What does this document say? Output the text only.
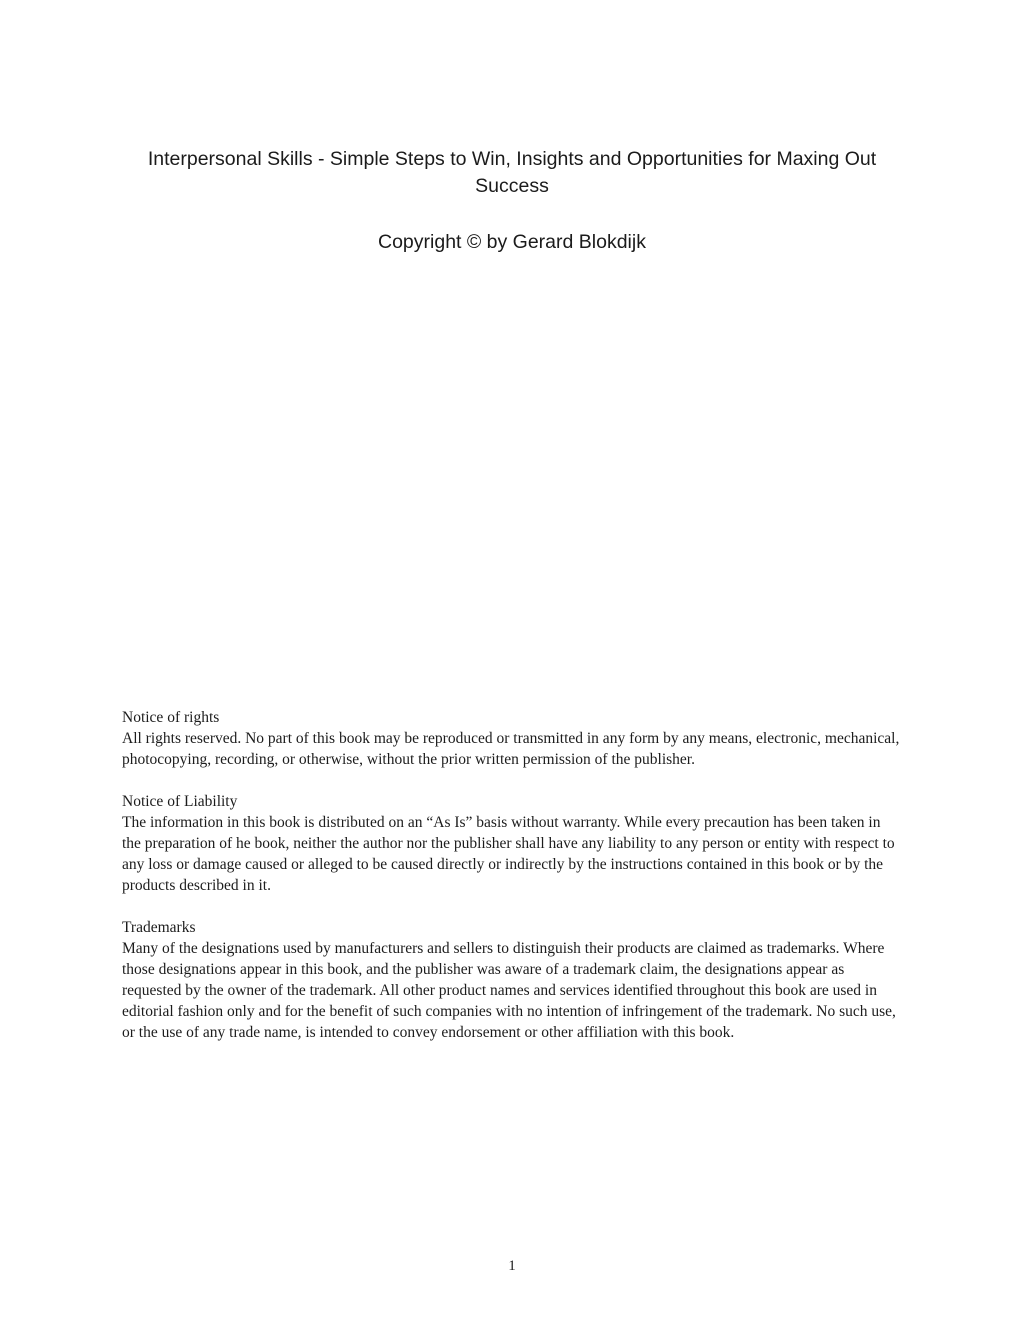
Interpersonal Skills - Simple Steps to Win, Insights and Opportunities for Maxing Out Success
Copyright © by Gerard Blokdijk
Notice of rights
All rights reserved. No part of this book may be reproduced or transmitted in any form by any means, electronic, mechanical, photocopying, recording, or otherwise, without the prior written permission of the publisher.
Notice of Liability
The information in this book is distributed on an “As Is” basis without warranty. While every precaution has been taken in the preparation of he book, neither the author nor the publisher shall have any liability to any person or entity with respect to any loss or damage caused or alleged to be caused directly or indirectly by the instructions contained in this book or by the products described in it.
Trademarks
Many of the designations used by manufacturers and sellers to distinguish their products are claimed as trademarks. Where those designations appear in this book, and the publisher was aware of a trademark claim, the designations appear as requested by the owner of the trademark. All other product names and services identified throughout this book are used in editorial fashion only and for the benefit of such companies with no intention of infringement of the trademark. No such use, or the use of any trade name, is intended to convey endorsement or other affiliation with this book.
1
